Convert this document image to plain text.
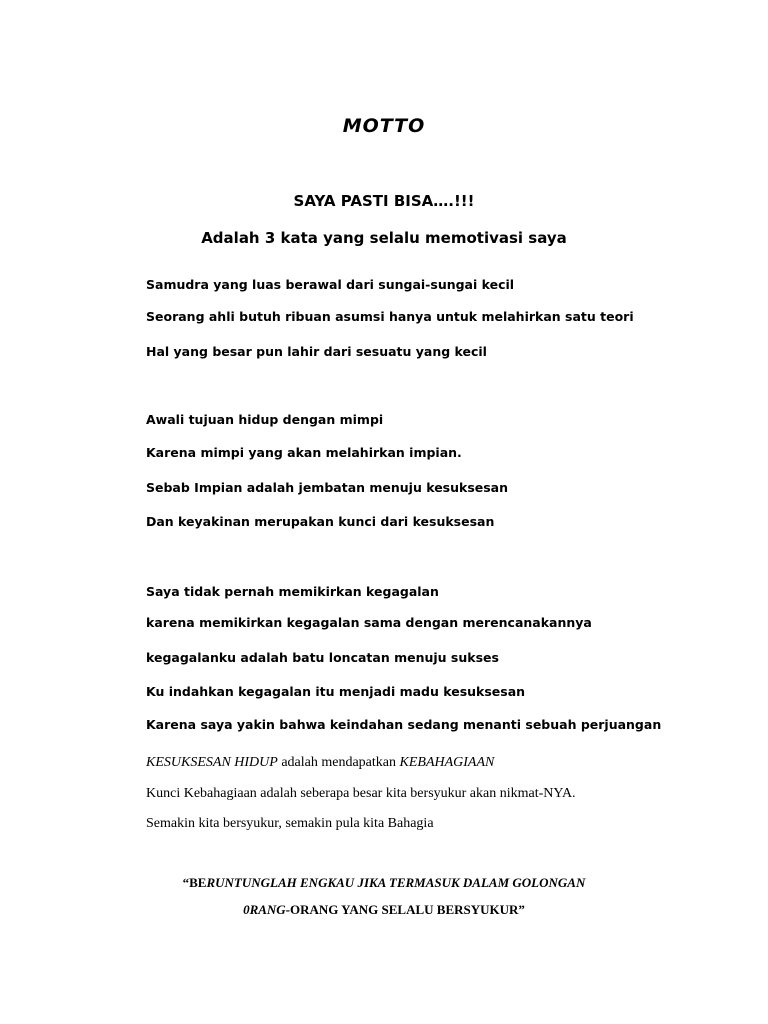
MOTTO
SAYA PASTI BISA….!!!
Adalah 3 kata yang selalu memotivasi saya
Samudra yang luas berawal dari sungai-sungai kecil
Seorang ahli butuh ribuan asumsi hanya untuk melahirkan satu teori
Hal yang besar pun lahir dari sesuatu yang kecil
Awali tujuan hidup dengan mimpi
Karena mimpi yang akan melahirkan impian.
Sebab Impian adalah jembatan menuju kesuksesan
Dan keyakinan merupakan kunci dari kesuksesan
Saya tidak pernah memikirkan kegagalan
karena memikirkan kegagalan sama dengan merencanakannya
kegagalanku adalah batu loncatan menuju sukses
Ku indahkan kegagalan itu menjadi madu kesuksesan
Karena saya yakin bahwa keindahan sedang menanti sebuah perjuangan
KESUKSESAN HIDUP adalah mendapatkan KEBAHAGIAAN
Kunci Kebahagiaan adalah seberapa besar kita bersyukur akan nikmat-NYA.
Semakin kita bersyukur, semakin pula kita Bahagia
“BERUNTUNGLAH ENGKAU JIKA TERMASUK DALAM GOLONGAN
0RANG-ORANG YANG SELALU BERSYUKUR”
